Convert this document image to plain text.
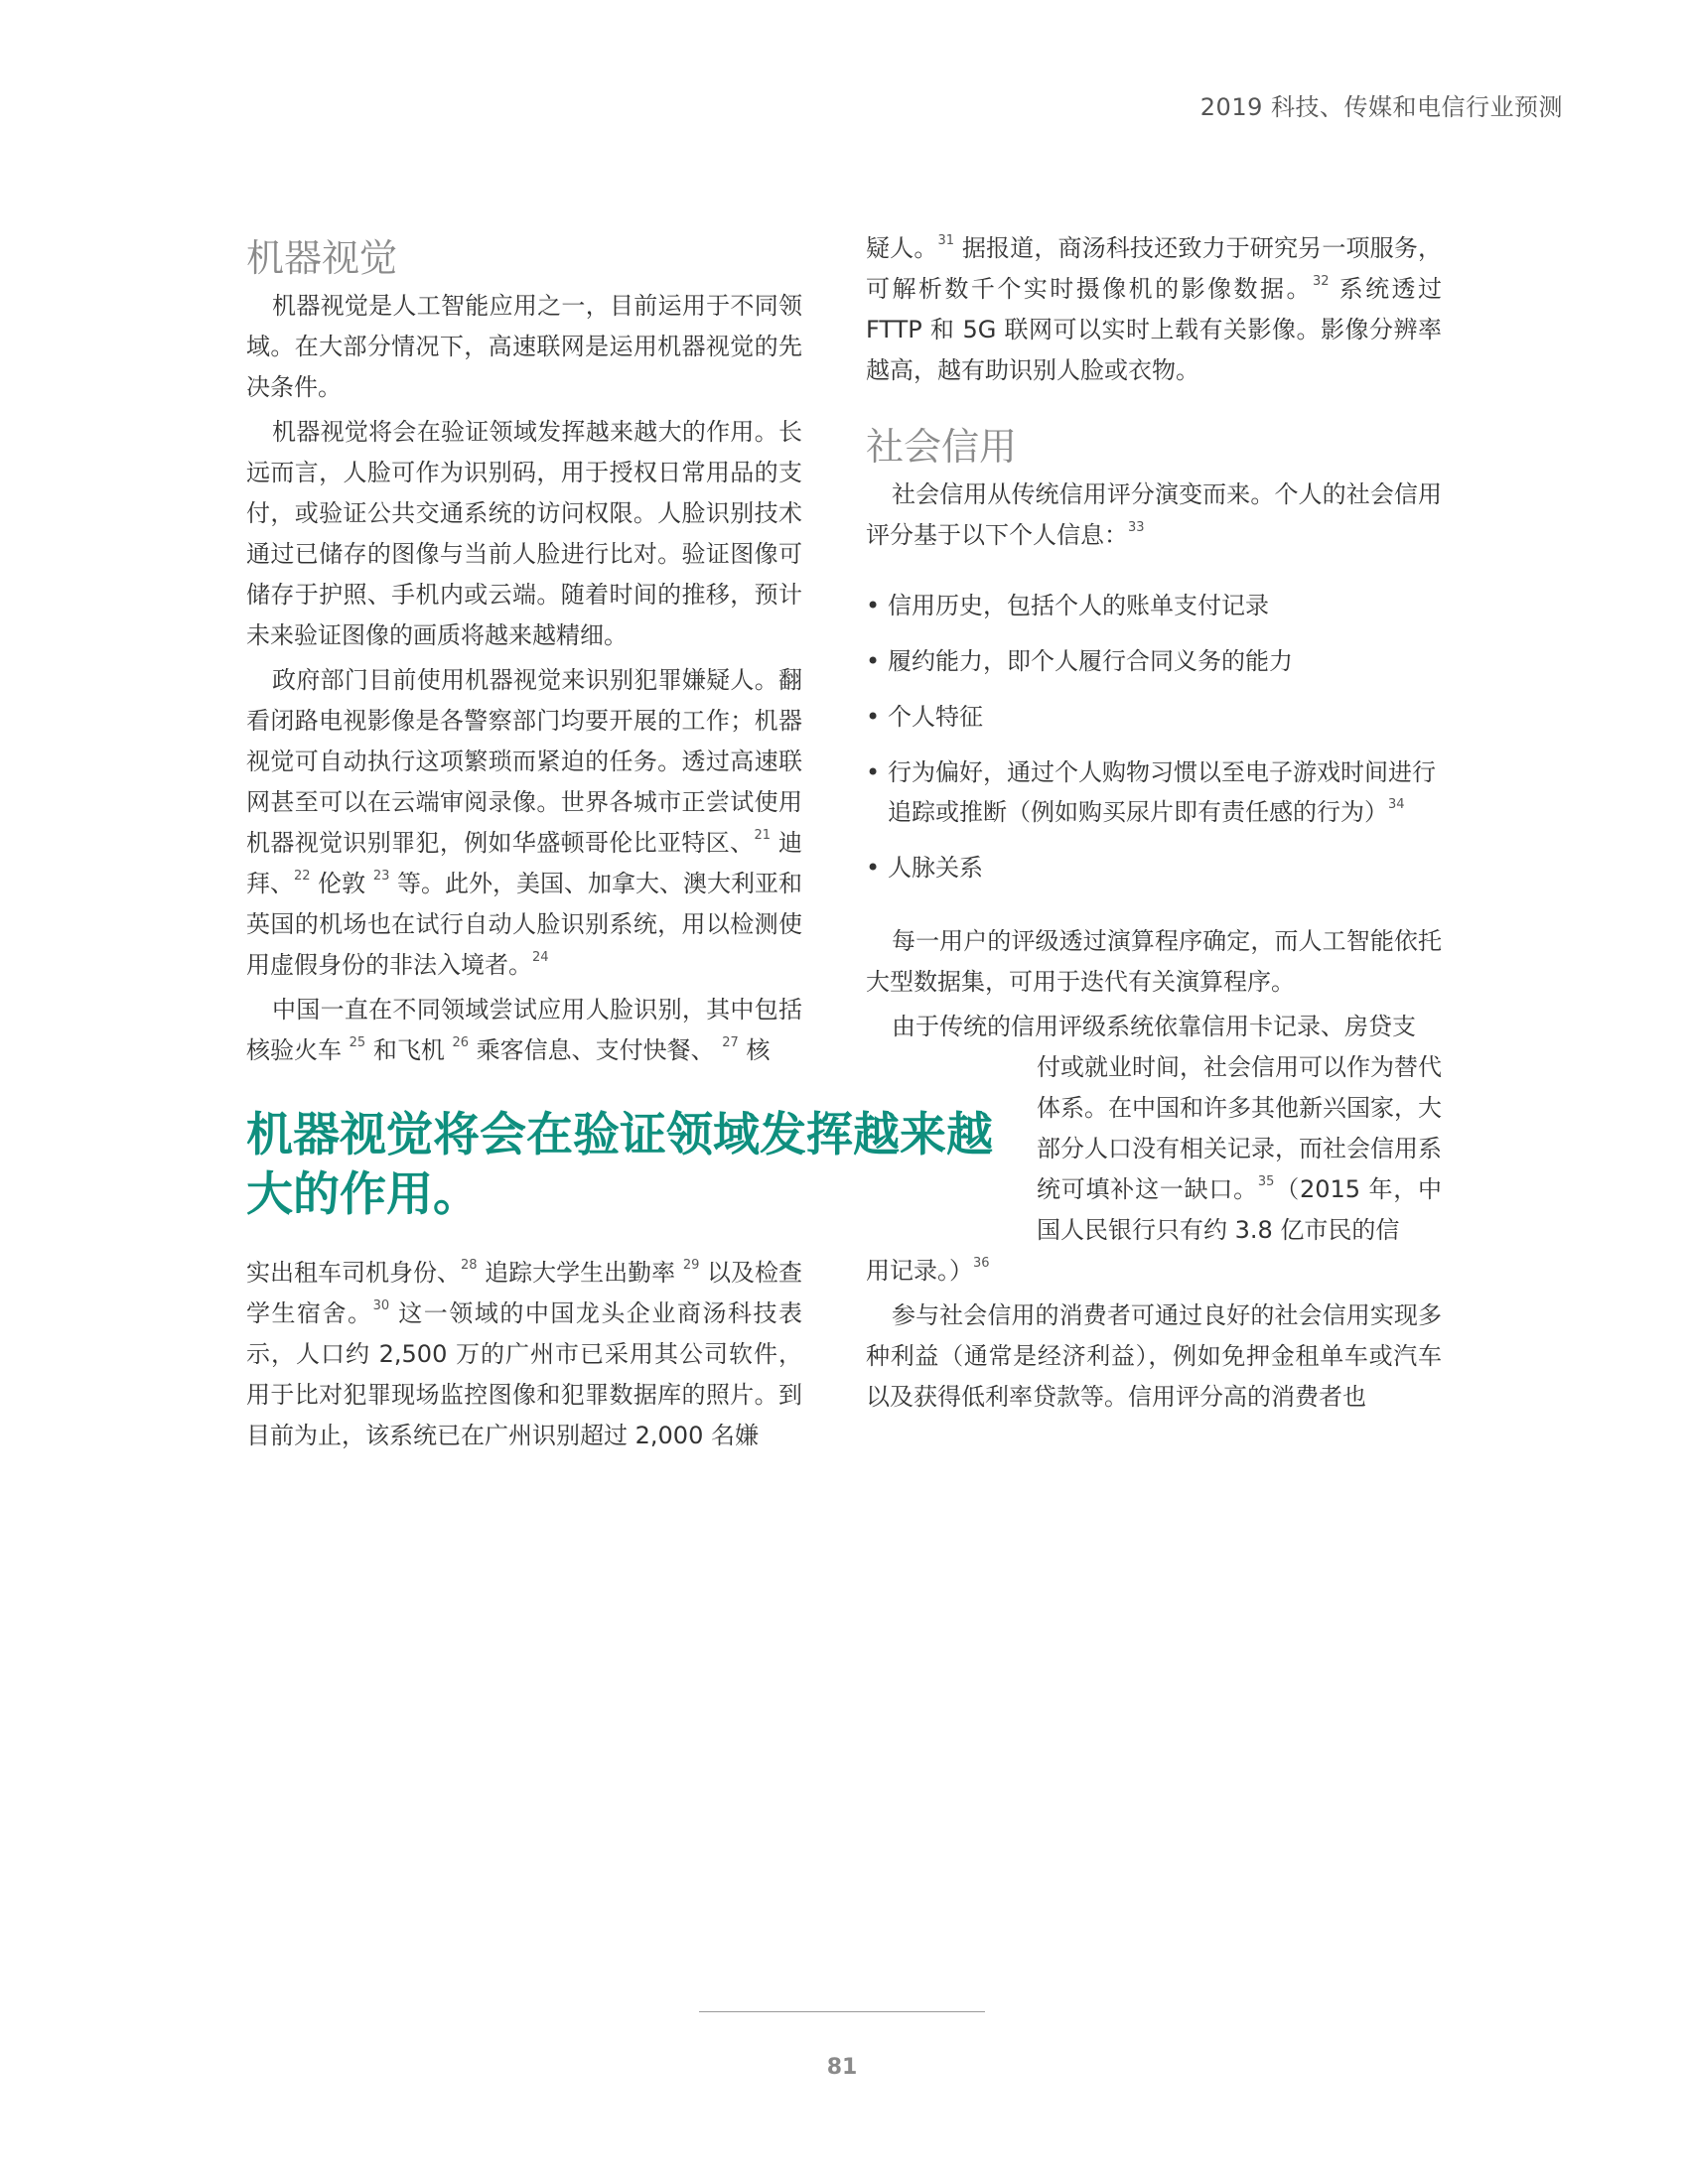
2019 科技、传媒和电信行业预测
机器视觉

机器视觉是人工智能应用之一，目前运用于不同领域。在大部分情况下，高速联网是运用机器视觉的先决条件。

机器视觉将会在验证领域发挥越来越大的作用。长远而言，人脸可作为识别码，用于授权日常用品的支付，或验证公共交通系统的访问权限。人脸识别技术通过已储存的图像与当前人脸进行比对。验证图像可储存于护照、手机内或云端。随着时间的推移，预计未来验证图像的画质将越来越精细。

政府部门目前使用机器视觉来识别犯罪嫌疑人。翻看闭路电视影像是各警察部门均要开展的工作；机器视觉可自动执行这项繁琐而紧迫的任务。透过高速联网甚至可以在云端审阅录像。世界各城市正尝试使用机器视觉识别罪犯，例如华盛顿哥伦比亚特区、$^{21}$ 迪拜、$^{22}$ 伦敦 $^{23}$ 等。此外，美国、加拿大、澳大利亚和英国的机场也在试行自动人脸识别系统，用以检测使用虚假身份的非法入境者。$^{24}$

中国一直在不同领域尝试应用人脸识别，其中包括核验火车 $^{25}$ 和飞机 $^{26}$ 乘客信息、支付快餐、 $^{27}$ 核

机器视觉将会在验证领域发挥越来越大的作用。

实出租车司机身份、$^{28}$ 追踪大学生出勤率 $^{29}$ 以及检查学生宿舍。$^{30}$ 这一领域的中国龙头企业商汤科技表示，人口约 2,500 万的广州市已采用其公司软件，用于比对犯罪现场监控图像和犯罪数据库的照片。到目前为止，该系统已在广州识别超过 2,000 名嫌

疑人。$^{31}$ 据报道，商汤科技还致力于研究另一项服务，可解析数千个实时摄像机的影像数据。$^{32}$ 系统透过 FTTP 和 5G 联网可以实时上载有关影像。影像分辨率越高，越有助识别人脸或衣物。

社会信用

社会信用从传统信用评分演变而来。个人的社会信用评分基于以下个人信息：$^{33}$

• 信用历史，包括个人的账单支付记录
• 履约能力，即个人履行合同义务的能力
• 个人特征
• 行为偏好，通过个人购物习惯以至电子游戏时间进行追踪或推断（例如购买尿片即有责任感的行为）$^{34}$
• 人脉关系

每一用户的评级透过演算程序确定，而人工智能依托大型数据集，可用于迭代有关演算程序。

由于传统的信用评级系统依靠信用卡记录、房贷支

付或就业时间，社会信用可以作为替代体系。在中国和许多其他新兴国家，大部分人口没有相关记录，而社会信用系统可填补这一缺口。$^{35}$（2015 年，中国人民银行只有约 3.8 亿市民的信

用记录。）$^{36}$

参与社会信用的消费者可通过良好的社会信用实现多种利益（通常是经济利益），例如免押金租单车或汽车以及获得低利率贷款等。信用评分高的消费者也

81
